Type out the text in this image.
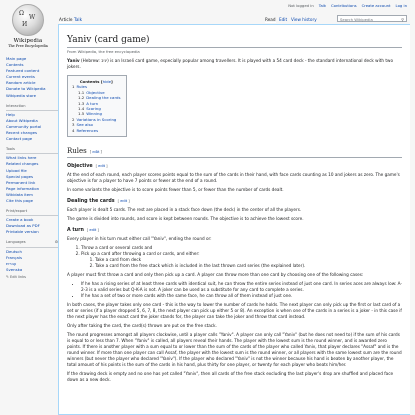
Ω
W
И
Wikipedia
The Free Encyclopedia
Not logged in Talk Contributions Create account Log in
Article Talk	Read Edit View history	Search Wikipedia	⚲
Main page
Contents
Featured content
Current events
Random article
Donate to Wikipedia
Wikipedia store
Interaction
Help
About Wikipedia
Community portal
Recent changes
Contact page
Tools
What links here
Related changes
Upload file
Special pages
Permanent link
Page information
Wikidata item
Cite this page
Print/export
Create a book
Download as PDF
Printable version
Languages	⚙
Deutsch
Français
עברית
Svenska
✎ Edit links
Yaniv (card game)
From Wikipedia, the free encyclopedia

Yaniv (Hebrew: יניב) is an Israeli card game, especially popular among travellers. It is played with a 54 card deck - the standard international deck with two jokers.

Contents [hide]
1 Rules
1.1 Objective
1.2 Dealing the cards
1.3 A turn
1.4 Scoring
1.5 Winning
2 Variations in Scoring
3 See also
4 References
Rules [ edit ]
Objective [ edit ]

At the end of each round, each player scores points equal to the sum of the cards in their hand, with face cards counting as 10 and jokers as zero. The game's objective is for a player to have 7 points or fewer at the end of a round.

In some variants the objective is to score points fewer than 5, or fewer than the number of cards dealt.

Dealing the cards [ edit ]

Each player is dealt 5 cards. The rest are placed in a stack face down (the deck) in the center of all the players.

The game is divided into rounds, and score is kept between rounds. The objective is to achieve the lowest score.

A turn [ edit ]

Every player in his turn must either call "Yaniv", ending the round or:

1. Throw a card or several cards and
2. Pick up a card after throwing a card or cards, and either:
1. Take a card from deck
2. Take a card from the free stack which is included in the last thrown card series (the explained later).

A player must first throw a card and only then pick up a card. A player can throw more than one card by choosing one of the following cases:

• If he has a rising series of at least three cards with identical suit, he can throw the entire series instead of just one card. In series aces are always low: A-2-3 is a valid series but Q-K-A is not. A joker can be used as a substitute for any card to complete a series.
• If he has a set of two or more cards with the same face, he can throw all of them instead of just one.

In both cases, the player takes only one card - this is the way to lower the number of cards he holds. The next player can only pick up the first or last card of a set or series (if a player dropped 5, 6, 7, 8, the next player can pick up either 5 or 8). An exception is when one of the cards in a series is a joker - in this case if the next player has the exact card the joker stands for, the player can take the joker and throw that card instead.

Only after taking the card, the card(s) thrown are put on the free stack.

The round progresses amongst all players clockwise, until a player calls "Yaniv". A player can only call "Yaniv" (but he does not need to) if the sum of his cards is equal to or less than 7. When "Yaniv" is called, all players reveal their hands. The player with the lowest sum is the round winner, and is awarded zero points. If there is another player with a sum equal to or lower than the sum of the cards of the player who called Yaniv, that player declares "Assaf" and is the round winner. If more than one player can call Assaf, the player with the lowest sum is the round winner, or all players with the same lowest sum are the round winners (but never the player who declared "Yaniv"). If the player who declared "Yaniv" is not the winner because his hand is beaten by another player, the total amount of his points is the sum of the cards in his hand, plus thirty for one player, or twenty for each player who beats him/her.

If the drawing deck is empty and no one has yet called "Yaniv", then all cards of the free stack excluding the last player's drop are shuffled and placed face down as a new deck.
